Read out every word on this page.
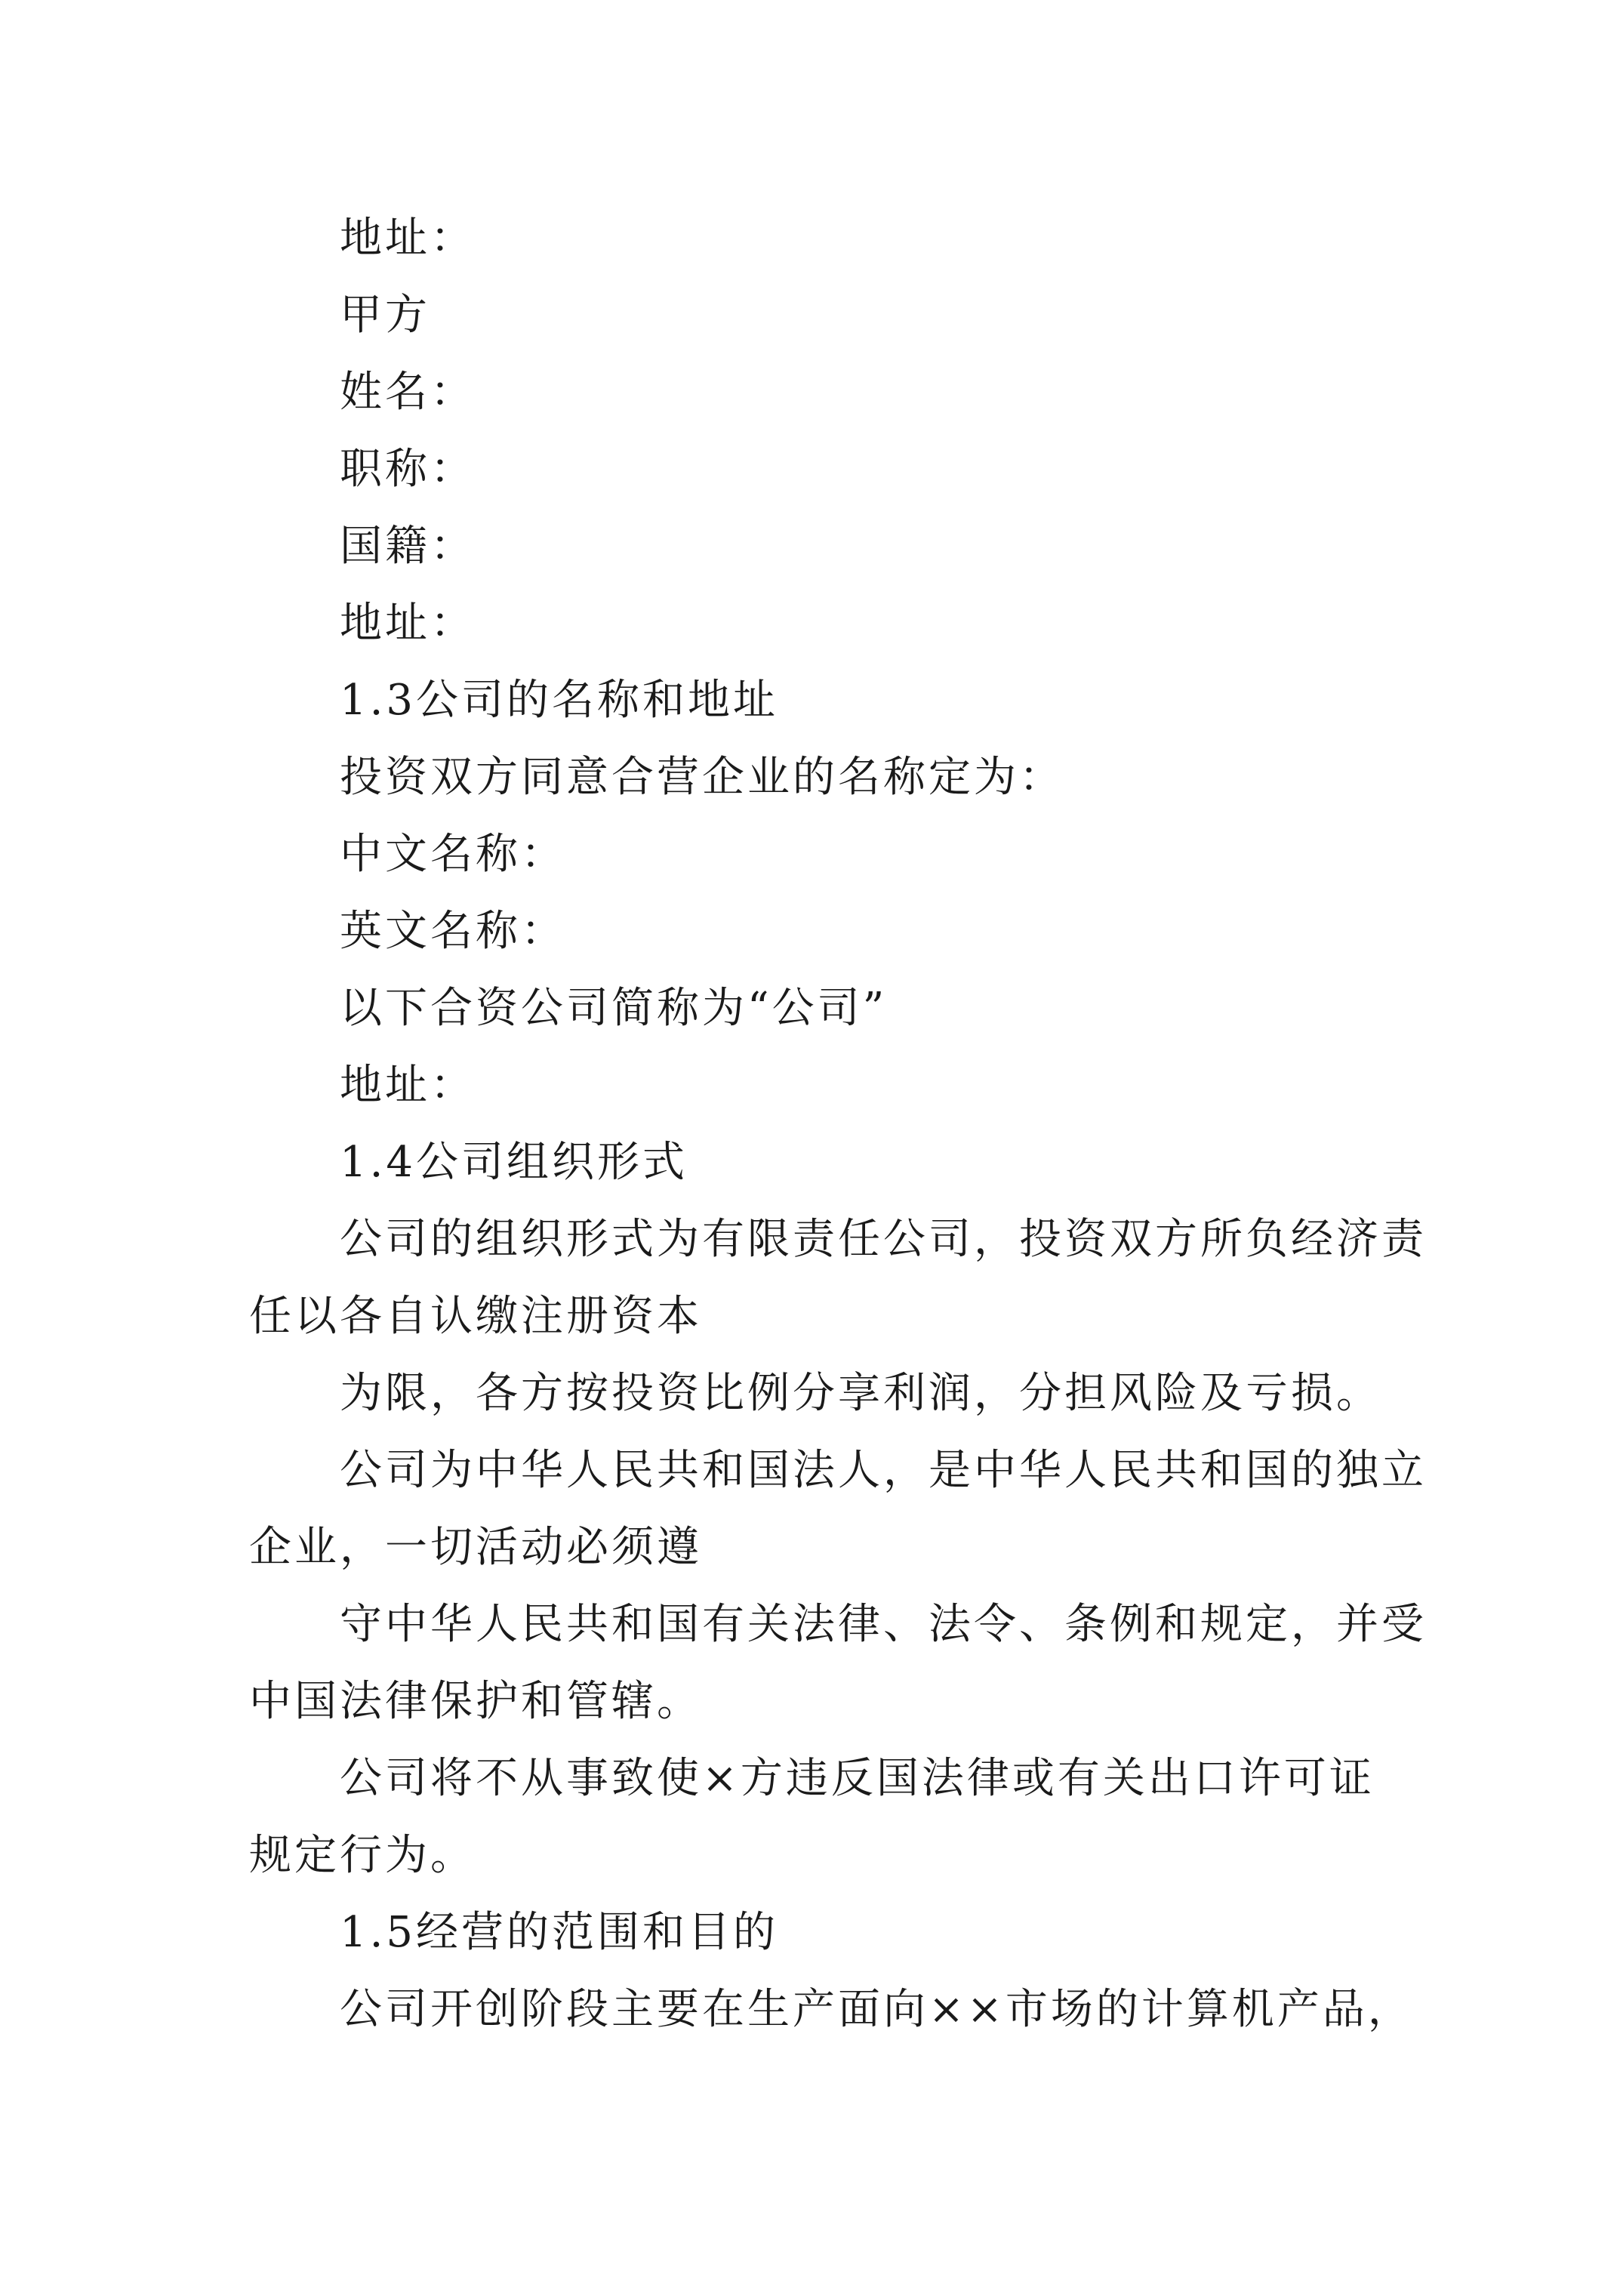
地址：
甲方
姓名：
职称：
国籍：
地址：
1.3公司的名称和地址
投资双方同意合营企业的名称定为：
中文名称：
英文名称：
以下合资公司简称为“公司”
地址：
1.4公司组织形式
公司的组织形式为有限责任公司，投资双方所负经济责
任以各自认缴注册资本
为限，各方按投资比例分享利润，分担风险及亏损。
公司为中华人民共和国法人，是中华人民共和国的独立
企业，一切活动必须遵
守中华人民共和国有关法律、法令、条例和规定，并受
中国法律保护和管辖。
公司将不从事致使×方违反国法律或有关出口许可证
规定行为。
1.5经营的范围和目的
公司开创阶段主要在生产面向××市场的计算机产品，
